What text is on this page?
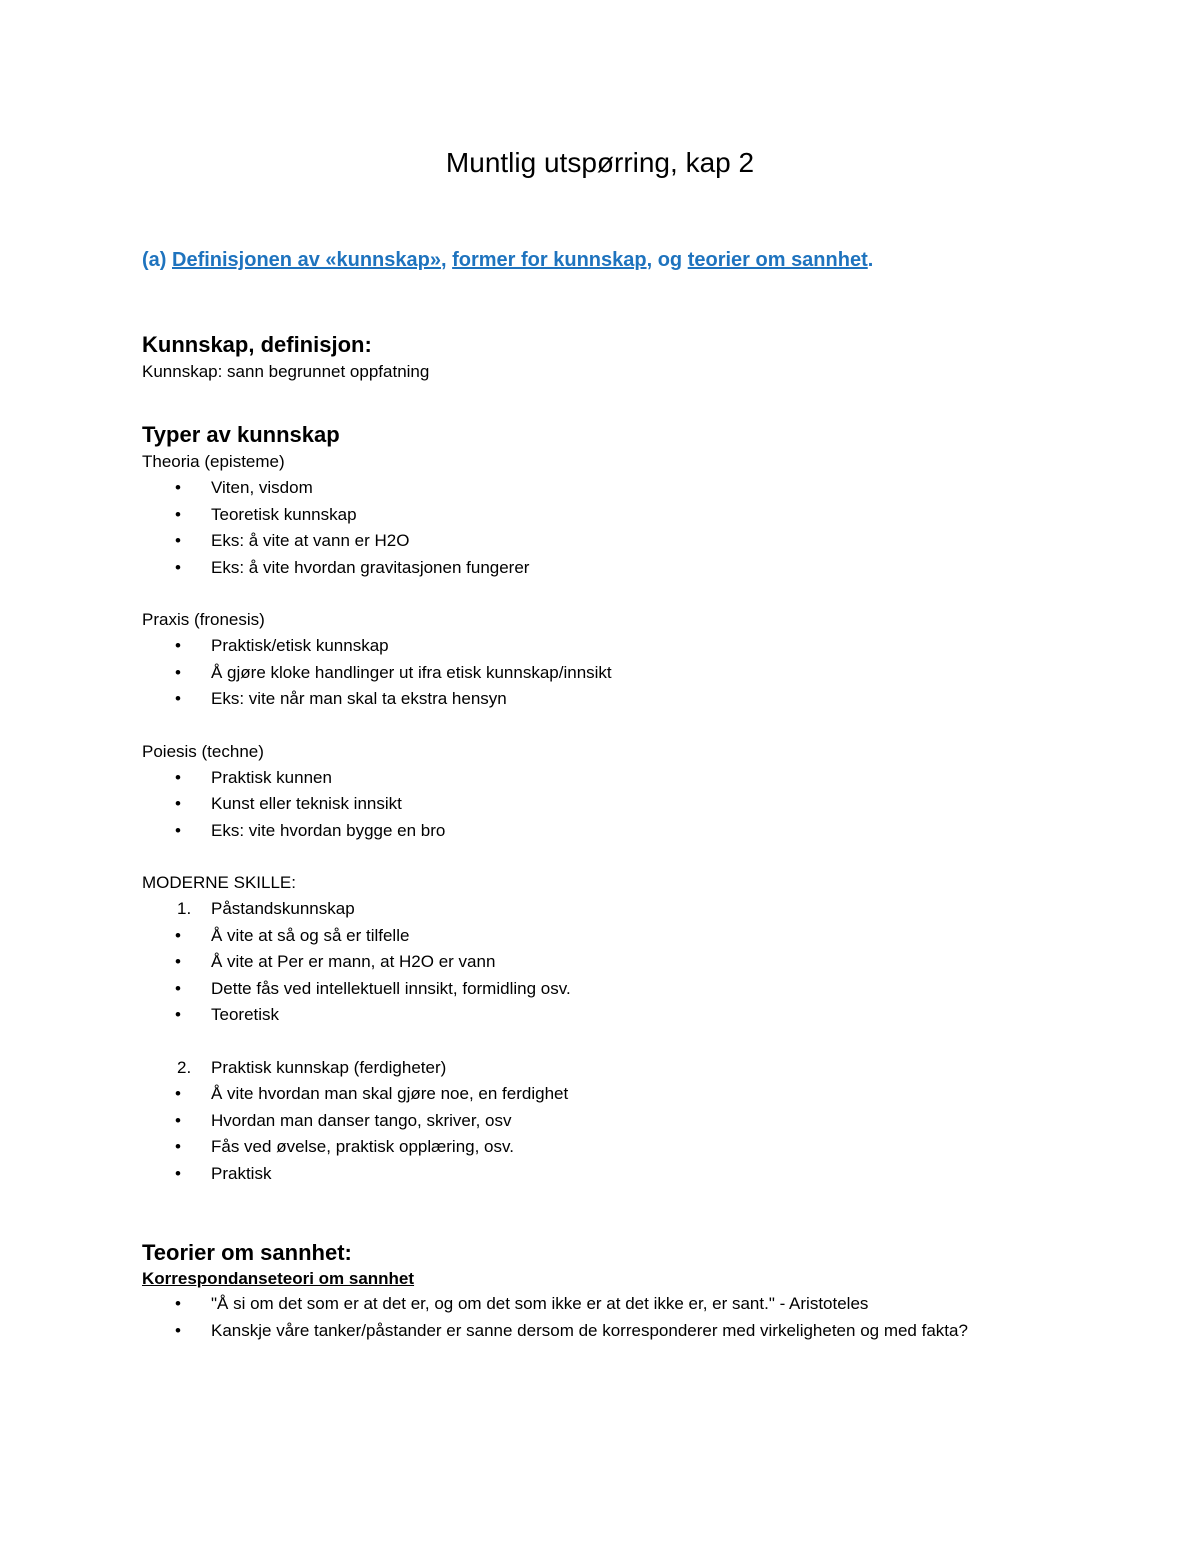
Muntlig utspørring, kap 2
(a) Definisjonen av «kunnskap», former for kunnskap, og teorier om sannhet.
Kunnskap, definisjon:

Kunnskap: sann begrunnet oppfatning

Typer av kunnskap

Theoria (episteme)

• Viten, visdom
• Teoretisk kunnskap
• Eks: å vite at vann er H2O
• Eks: å vite hvordan gravitasjonen fungerer

Praxis (fronesis)

• Praktisk/etisk kunnskap
• Å gjøre kloke handlinger ut ifra etisk kunnskap/innsikt
• Eks: vite når man skal ta ekstra hensyn

Poiesis (techne)

• Praktisk kunnen
• Kunst eller teknisk innsikt
• Eks: vite hvordan bygge en bro

MODERNE SKILLE:

1. Påstandskunnskap
• Å vite at så og så er tilfelle
• Å vite at Per er mann, at H2O er vann
• Dette fås ved intellektuell innsikt, formidling osv.
• Teoretisk
2. Praktisk kunnskap (ferdigheter)
• Å vite hvordan man skal gjøre noe, en ferdighet
• Hvordan man danser tango, skriver, osv
• Fås ved øvelse, praktisk opplæring, osv.
• Praktisk
Teorier om sannhet:
Korrespondanseteori om sannhet
• "Å si om det som er at det er, og om det som ikke er at det ikke er, er sant." - Aristoteles
• Kanskje våre tanker/påstander er sanne dersom de korresponderer med virkeligheten og med fakta?
